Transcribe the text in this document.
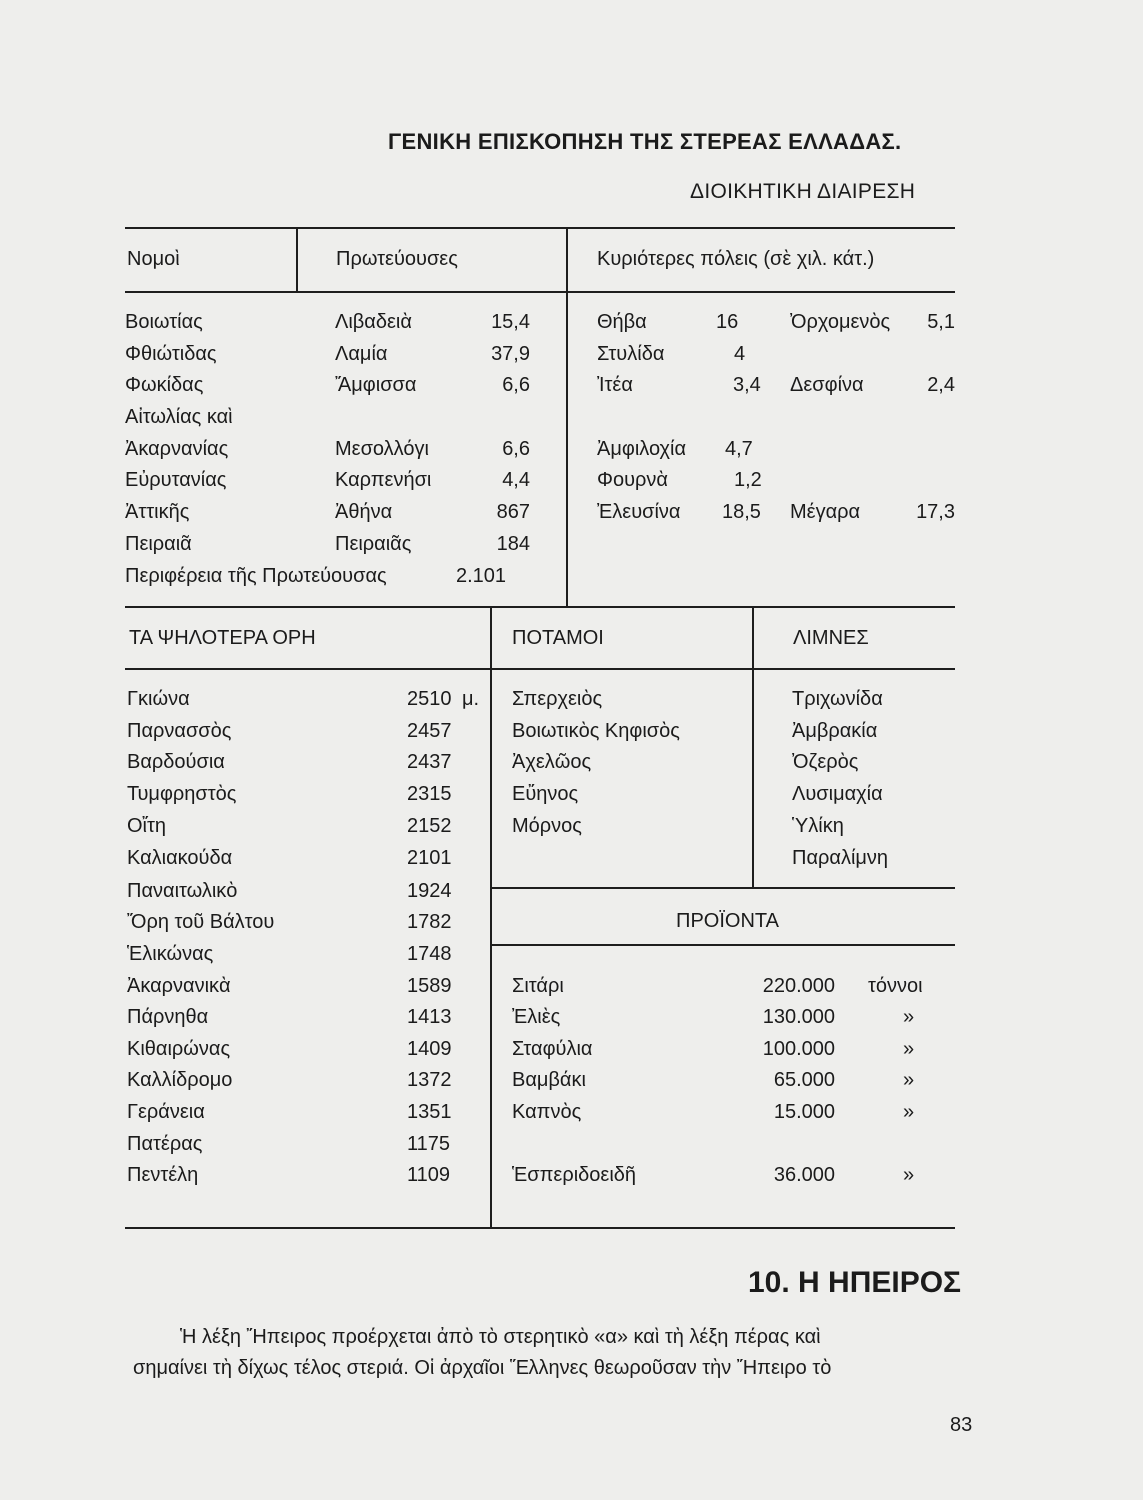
ΓΕΝΙΚΗ ΕΠΙΣΚΟΠΗΣΗ ΤΗΣ ΣΤΕΡΕΑΣ ΕΛΛΑΔΑΣ.
ΔΙΟΙΚΗΤΙΚΗ ΔΙΑΙΡΕΣΗ
Νομοὶ	Πρωτεύουσες	Κυριότερες πόλεις (σὲ χιλ. κάτ.)
Βοιωτίας	Λιβαδειὰ	15,4	Θήβα	16	Ὀρχομενὸς	5,1
Φθιώτιδας	Λαμία	37,9	Στυλίδα	4
Φωκίδας	Ἄμφισσα	6,6	Ἰτέα	3,4 Δεσφίνα	2,4
Αἰτωλίας καὶ
Ἀκαρνανίας	Μεσολλόγι	6,6	Ἀμφιλοχία 4,7
Εὐρυτανίας	Καρπενήσι	4,4	Φουρνὰ	1,2
Ἀττικῆς	Ἀθήνα	867	Ἐλευσίνα 18,5 Μέγαρα	17,3
Πειραιᾶ	Πειραιᾶς	184
Περιφέρεια τῆς Πρωτεύουσας	2.101
ΤΑ ΨΗΛΟΤΕΡΑ ΟΡΗ	ΠΟΤΑΜΟΙ	ΛΙΜΝΕΣ
ΠΡΟΪΟΝΤΑ
Γκιώνα	2510 μ.
Παρνασσὸς	2457
Βαρδούσια	2437
Τυμφρηστὸς	2315
Οἴτη	2152
Καλιακούδα	2101
Παναιτωλικὸ	1924
Ὄρη τοῦ Βάλτου	1782
Ἑλικώνας	1748
Ἀκαρνανικὰ	1589
Πάρνηθα	1413
Κιθαιρώνας	1409
Καλλίδρομο	1372
Γεράνεια	1351
Πατέρας	1175
Πεντέλη	1109
Σπερχειὸς
Βοιωτικὸς Κηφισὸς
Ἀχελῶος
Εὔηνος
Μόρνος
Τριχωνίδα
Ἀμβρακία
Ὀζερὸς
Λυσιμαχία
Ὑλίκη
Παραλίμνη
Σιτάρι	220.000 τόννοι
Ἐλιὲς	130.000	»
Σταφύλια	100.000	»
Βαμβάκι	65.000	»
Καπνὸς	15.000	»
Ἑσπεριδοειδῆ	36.000	»
10. Η ΗΠΕΙΡΟΣ
Ἡ λέξη Ἤπειρος προέρχεται ἀπὸ τὸ στερητικὸ «α» καὶ τὴ λέξη πέρας καὶ
σημαίνει τὴ δίχως τέλος στεριά. Οἱ ἀρχαῖοι Ἕλληνες θεωροῦσαν τὴν Ἤπειρο τὸ
83
